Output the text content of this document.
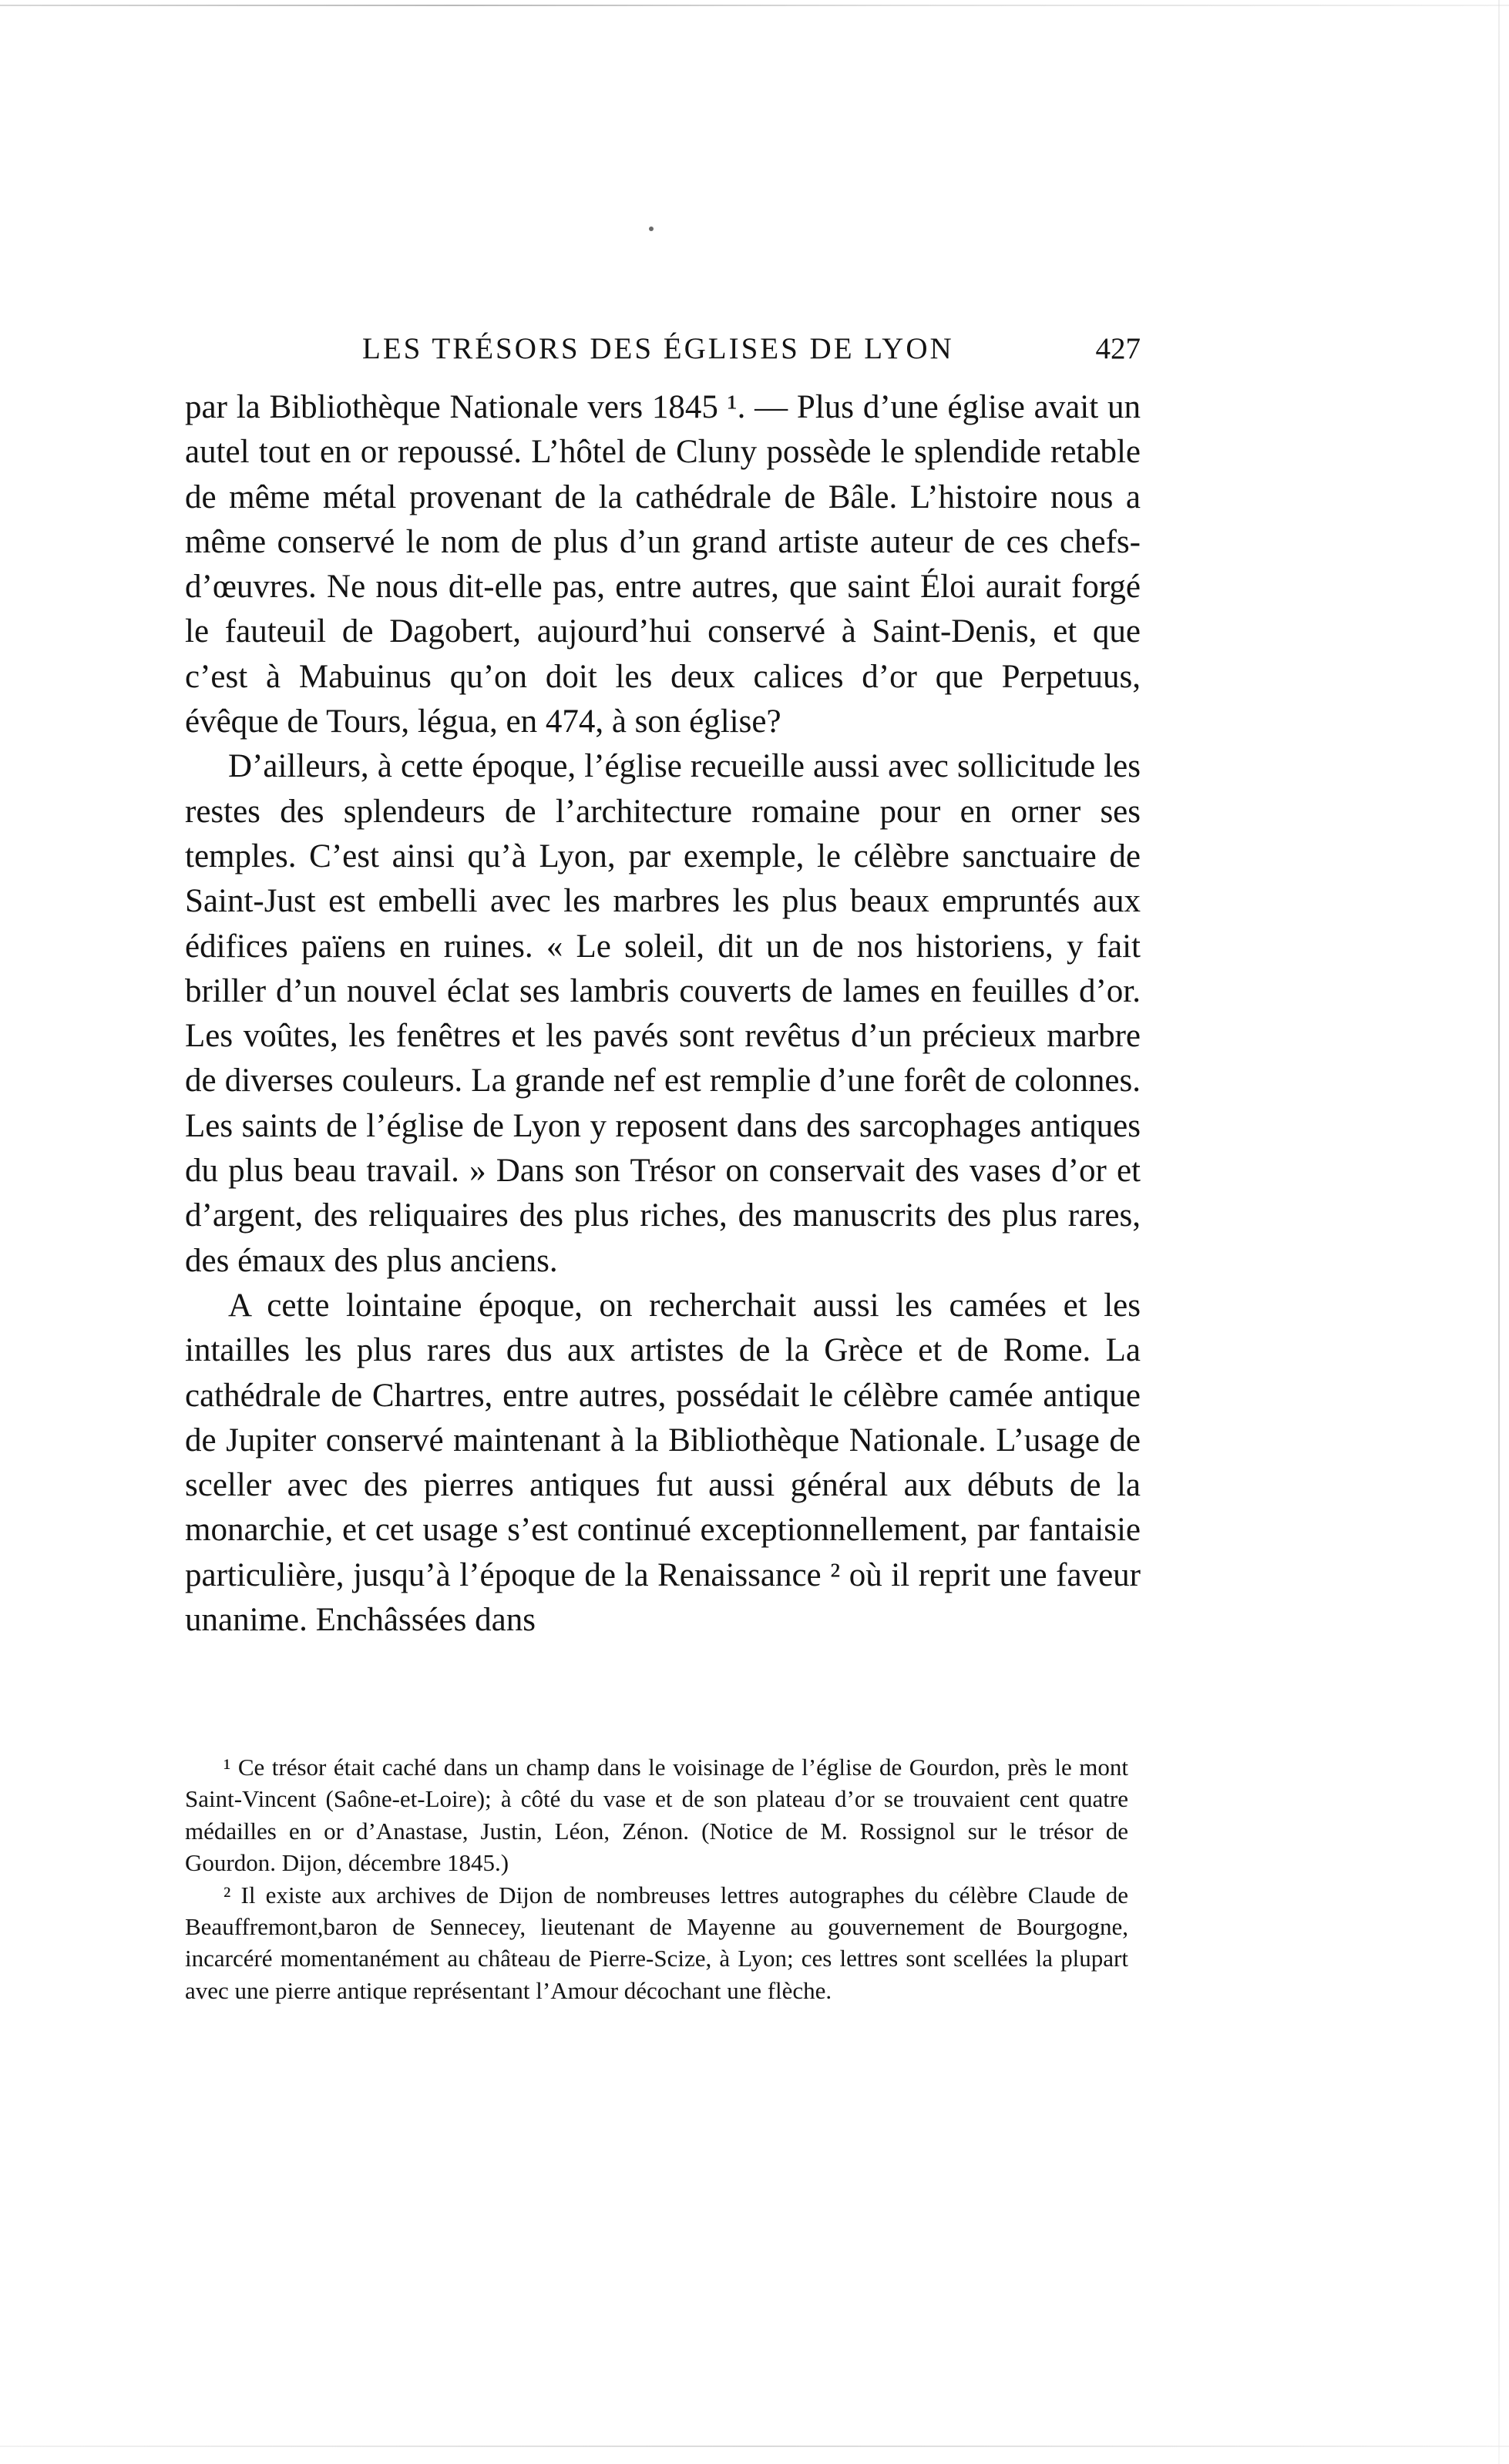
LES TRÉSORS DES ÉGLISES DE LYON	427

par la Bibliothèque Nationale vers 1845 ¹. — Plus d’une église avait un autel tout en or repoussé. L’hôtel de Cluny possède le splendide retable de même métal provenant de la cathédrale de Bâle. L’histoire nous a même conservé le nom de plus d’un grand artiste auteur de ces chefs-d’œuvres. Ne nous dit-elle pas, entre autres, que saint Éloi aurait forgé le fauteuil de Dagobert, aujourd’hui conservé à Saint-Denis, et que c’est à Mabuinus qu’on doit les deux calices d’or que Perpetuus, évêque de Tours, légua, en 474, à son église?

D’ailleurs, à cette époque, l’église recueille aussi avec sollicitude les restes des splendeurs de l’architecture romaine pour en orner ses temples. C’est ainsi qu’à Lyon, par exemple, le célèbre sanctuaire de Saint-Just est embelli avec les marbres les plus beaux empruntés aux édifices païens en ruines. « Le soleil, dit un de nos historiens, y fait briller d’un nouvel éclat ses lambris couverts de lames en feuilles d’or. Les voûtes, les fenêtres et les pavés sont revêtus d’un précieux marbre de diverses couleurs. La grande nef est remplie d’une forêt de colonnes. Les saints de l’église de Lyon y reposent dans des sarcophages antiques du plus beau travail. » Dans son Trésor on conservait des vases d’or et d’argent, des reliquaires des plus riches, des manuscrits des plus rares, des émaux des plus anciens.

A cette lointaine époque, on recherchait aussi les camées et les intailles les plus rares dus aux artistes de la Grèce et de Rome. La cathédrale de Chartres, entre autres, possédait le célèbre camée antique de Jupiter conservé maintenant à la Bibliothèque Nationale. L’usage de sceller avec des pierres antiques fut aussi général aux débuts de la monarchie, et cet usage s’est continué exceptionnellement, par fantaisie particulière, jusqu’à l’époque de la Renaissance ² où il reprit une faveur unanime. Enchâssées dans

¹ Ce trésor était caché dans un champ dans le voisinage de l’église de Gourdon, près le mont Saint-Vincent (Saône-et-Loire); à côté du vase et de son plateau d’or se trouvaient cent quatre médailles en or d’Anastase, Justin, Léon, Zénon. (Notice de M. Rossignol sur le trésor de Gourdon. Dijon, décembre 1845.)

² Il existe aux archives de Dijon de nombreuses lettres autographes du célèbre Claude de Beauffremont,baron de Sennecey, lieutenant de Mayenne au gouvernement de Bourgogne, incarcéré momentanément au château de Pierre-Scize, à Lyon; ces lettres sont scellées la plupart avec une pierre antique représentant l’Amour décochant une flèche.
